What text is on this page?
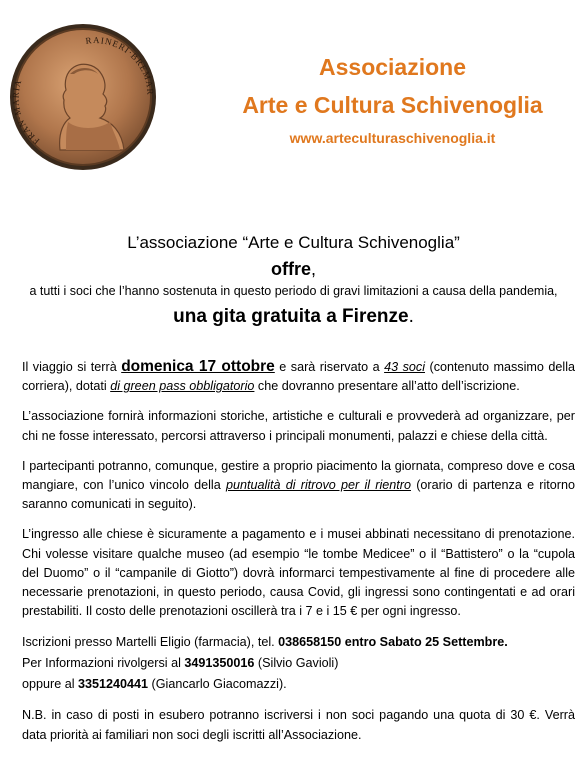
FRAN·MARIA
RAINERI·BREMAR
Associazione
Arte e Cultura Schivenoglia
www.arteculturaschivenoglia.it
L’associazione “Arte e Cultura Schivenoglia”
offre,
a tutti i soci che l’hanno sostenuta in questo periodo di gravi limitazioni a causa della pandemia,
una gita gratuita a Firenze.

Il viaggio si terrà domenica 17 ottobre e sarà riservato a 43 soci (contenuto massimo della corriera), dotati di green pass obbligatorio che dovranno presentare all’atto dell’iscrizione.

L’associazione fornirà informazioni storiche, artistiche e culturali e provvederà ad organizzare, per chi ne fosse interessato, percorsi attraverso i principali monumenti, palazzi e chiese della città.

I partecipanti potranno, comunque, gestire a proprio piacimento la giornata, compreso dove e cosa mangiare, con l’unico vincolo della puntualità di ritrovo per il rientro (orario di partenza e ritorno saranno comunicati in seguito).

L’ingresso alle chiese è sicuramente a pagamento e i musei abbinati necessitano di prenotazione. Chi volesse visitare qualche museo (ad esempio “le tombe Medicee” o il “Battistero” o la “cupola del Duomo” o il “campanile di Giotto”) dovrà informarci tempestivamente al fine di procedere alle necessarie prenotazioni, in questo periodo, causa Covid, gli ingressi sono contingentati e ad orari prestabiliti. Il costo delle prenotazioni oscillerà tra i 7 e i 15 € per ogni ingresso.

Iscrizioni presso Martelli Eligio (farmacia), tel. 038658150 entro Sabato 25 Settembre.
Per Informazioni rivolgersi al 3491350016 (Silvio Gavioli)
oppure al 3351240441 (Giancarlo Giacomazzi).

N.B. in caso di posti in esubero potranno iscriversi i non soci pagando una quota di 30 €. Verrà data priorità ai familiari non soci degli iscritti all’Associazione.
